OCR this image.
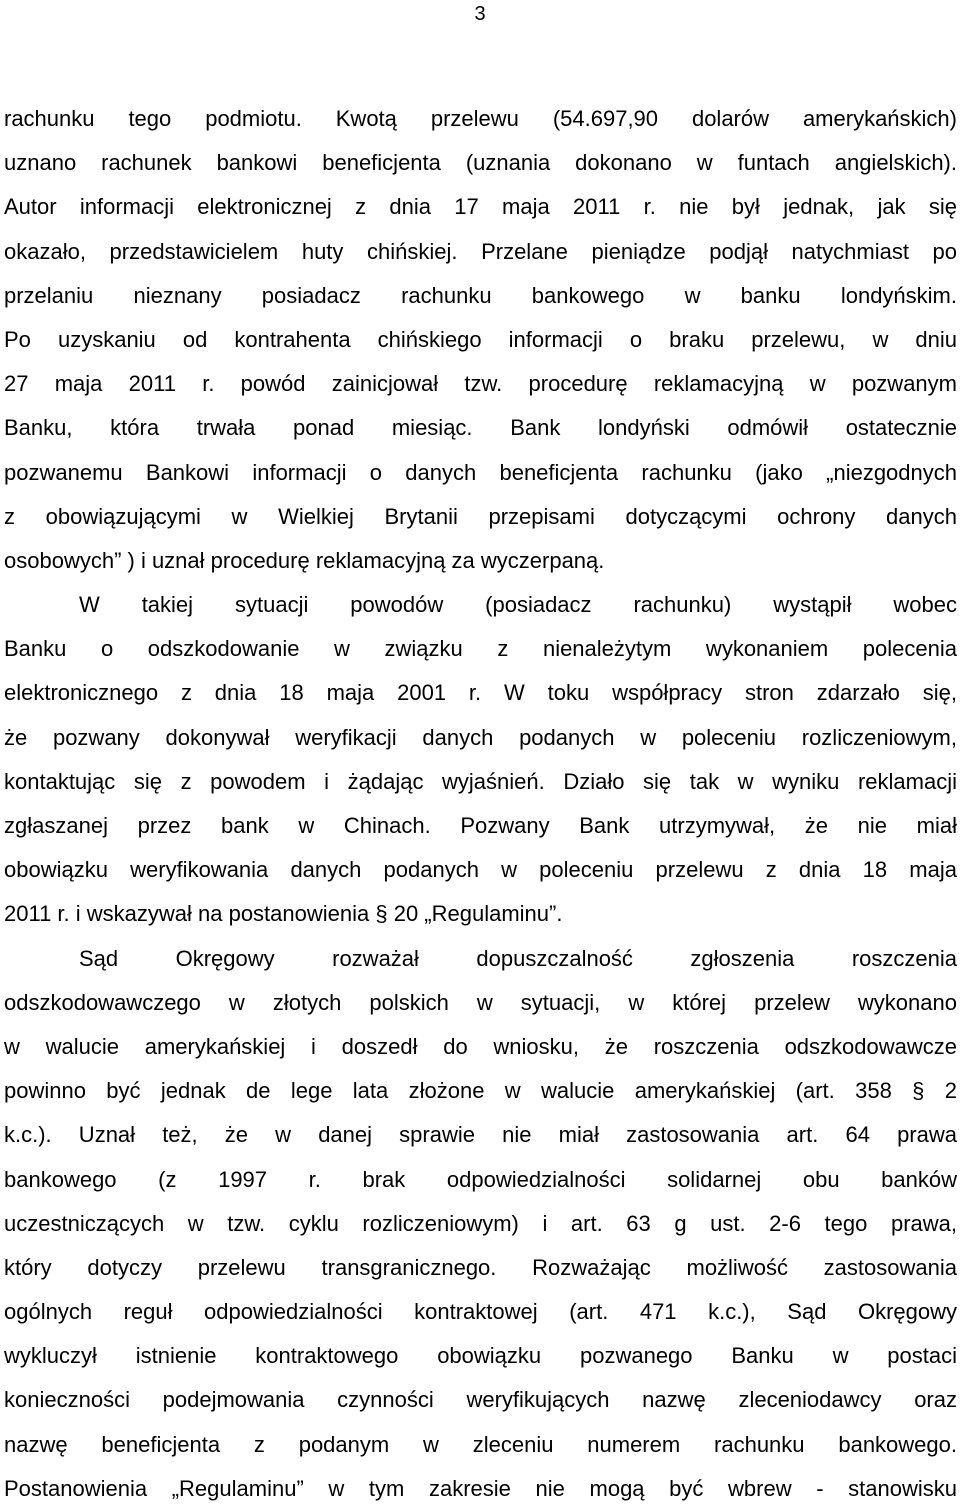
3
rachunku tego podmiotu. Kwotą przelewu (54.697,90 dolarów amerykańskich)
uznano rachunek bankowi beneficjenta (uznania dokonano w funtach angielskich).
Autor informacji elektronicznej z dnia 17 maja 2011 r. nie był jednak, jak się
okazało, przedstawicielem huty chińskiej. Przelane pieniądze podjął natychmiast po
przelaniu nieznany posiadacz rachunku bankowego w banku londyńskim.
Po uzyskaniu od kontrahenta chińskiego informacji o braku przelewu, w dniu
27 maja 2011 r. powód zainicjował tzw. procedurę reklamacyjną w pozwanym
Banku, która trwała ponad miesiąc. Bank londyński odmówił ostatecznie
pozwanemu Bankowi informacji o danych beneficjenta rachunku (jako „niezgodnych
z obowiązującymi w Wielkiej Brytanii przepisami dotyczącymi ochrony danych
osobowych” ) i uznał procedurę reklamacyjną za wyczerpaną.
W takiej sytuacji powodów (posiadacz rachunku) wystąpił wobec
Banku o odszkodowanie w związku z nienależytym wykonaniem polecenia
elektronicznego z dnia 18 maja 2001 r. W toku współpracy stron zdarzało się,
że pozwany dokonywał weryfikacji danych podanych w poleceniu rozliczeniowym,
kontaktując się z powodem i żądając wyjaśnień. Działo się tak w wyniku reklamacji
zgłaszanej przez bank w Chinach. Pozwany Bank utrzymywał, że nie miał
obowiązku weryfikowania danych podanych w poleceniu przelewu z dnia 18 maja
2011 r. i wskazywał na postanowienia § 20 „Regulaminu”.
Sąd Okręgowy rozważał dopuszczalność zgłoszenia roszczenia
odszkodowawczego w złotych polskich w sytuacji, w której przelew wykonano
w walucie amerykańskiej i doszedł do wniosku, że roszczenia odszkodowawcze
powinno być jednak de lege lata złożone w walucie amerykańskiej (art. 358 § 2
k.c.). Uznał też, że w danej sprawie nie miał zastosowania art. 64 prawa
bankowego (z 1997 r. brak odpowiedzialności solidarnej obu banków
uczestniczących w tzw. cyklu rozliczeniowym) i art. 63 g ust. 2-6 tego prawa,
który dotyczy przelewu transgranicznego. Rozważając możliwość zastosowania
ogólnych reguł odpowiedzialności kontraktowej (art. 471 k.c.), Sąd Okręgowy
wykluczył istnienie kontraktowego obowiązku pozwanego Banku w postaci
konieczności podejmowania czynności weryfikujących nazwę zleceniodawcy oraz
nazwę beneficjenta z podanym w zleceniu numerem rachunku bankowego.
Postanowienia „Regulaminu” w tym zakresie nie mogą być wbrew - stanowisku
